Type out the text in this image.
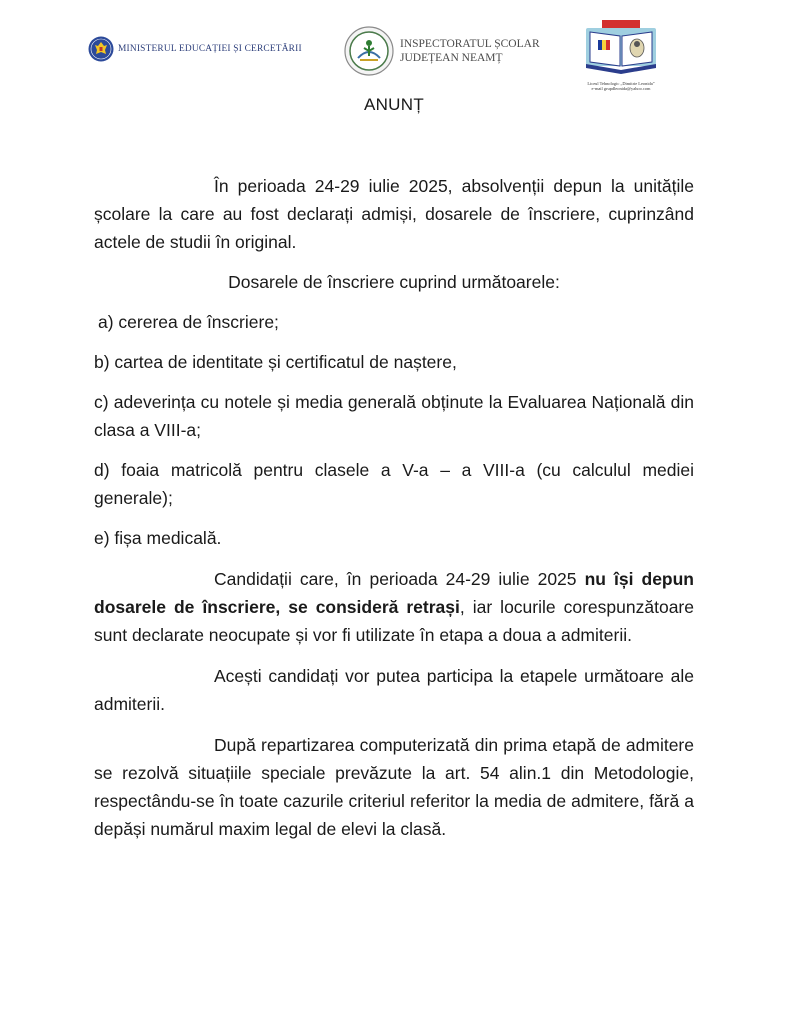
MINISTERUL EDUCAȚIEI ȘI CERCETĂRII	INSPECTORATUL ȘCOLAR
JUDEȚEAN NEAMȚ
Liceul Tehnologic „Dimitrie Leonida”
e-mail grupdleonida@yahoo.com
ANUNȚ

În perioada 24-29 iulie 2025, absolvenții depun la unitățile școlare la care au fost declarați admiși, dosarele de înscriere, cuprinzând actele de studii în original.

Dosarele de înscriere cuprind următoarele:

a) cererea de înscriere;

b) cartea de identitate și certificatul de naștere,

c) adeverința cu notele și media generală obținute la Evaluarea Națională din clasa a VIII-a;

d) foaia matricolă pentru clasele a V-a – a VIII-a (cu calculul mediei generale);

e) fișa medicală.

Candidații care, în perioada 24-29 iulie 2025 nu își depun dosarele de înscriere, se consideră retrași, iar locurile corespunzătoare sunt declarate neocupate și vor fi utilizate în etapa a doua a admiterii.

Acești candidați vor putea participa la etapele următoare ale admiterii.

După repartizarea computerizată din prima etapă de admitere se rezolvă situațiile speciale prevăzute la art. 54 alin.1 din Metodologie, respectându-se în toate cazurile criteriul referitor la media de admitere, fără a depăși numărul maxim legal de elevi la clasă.
